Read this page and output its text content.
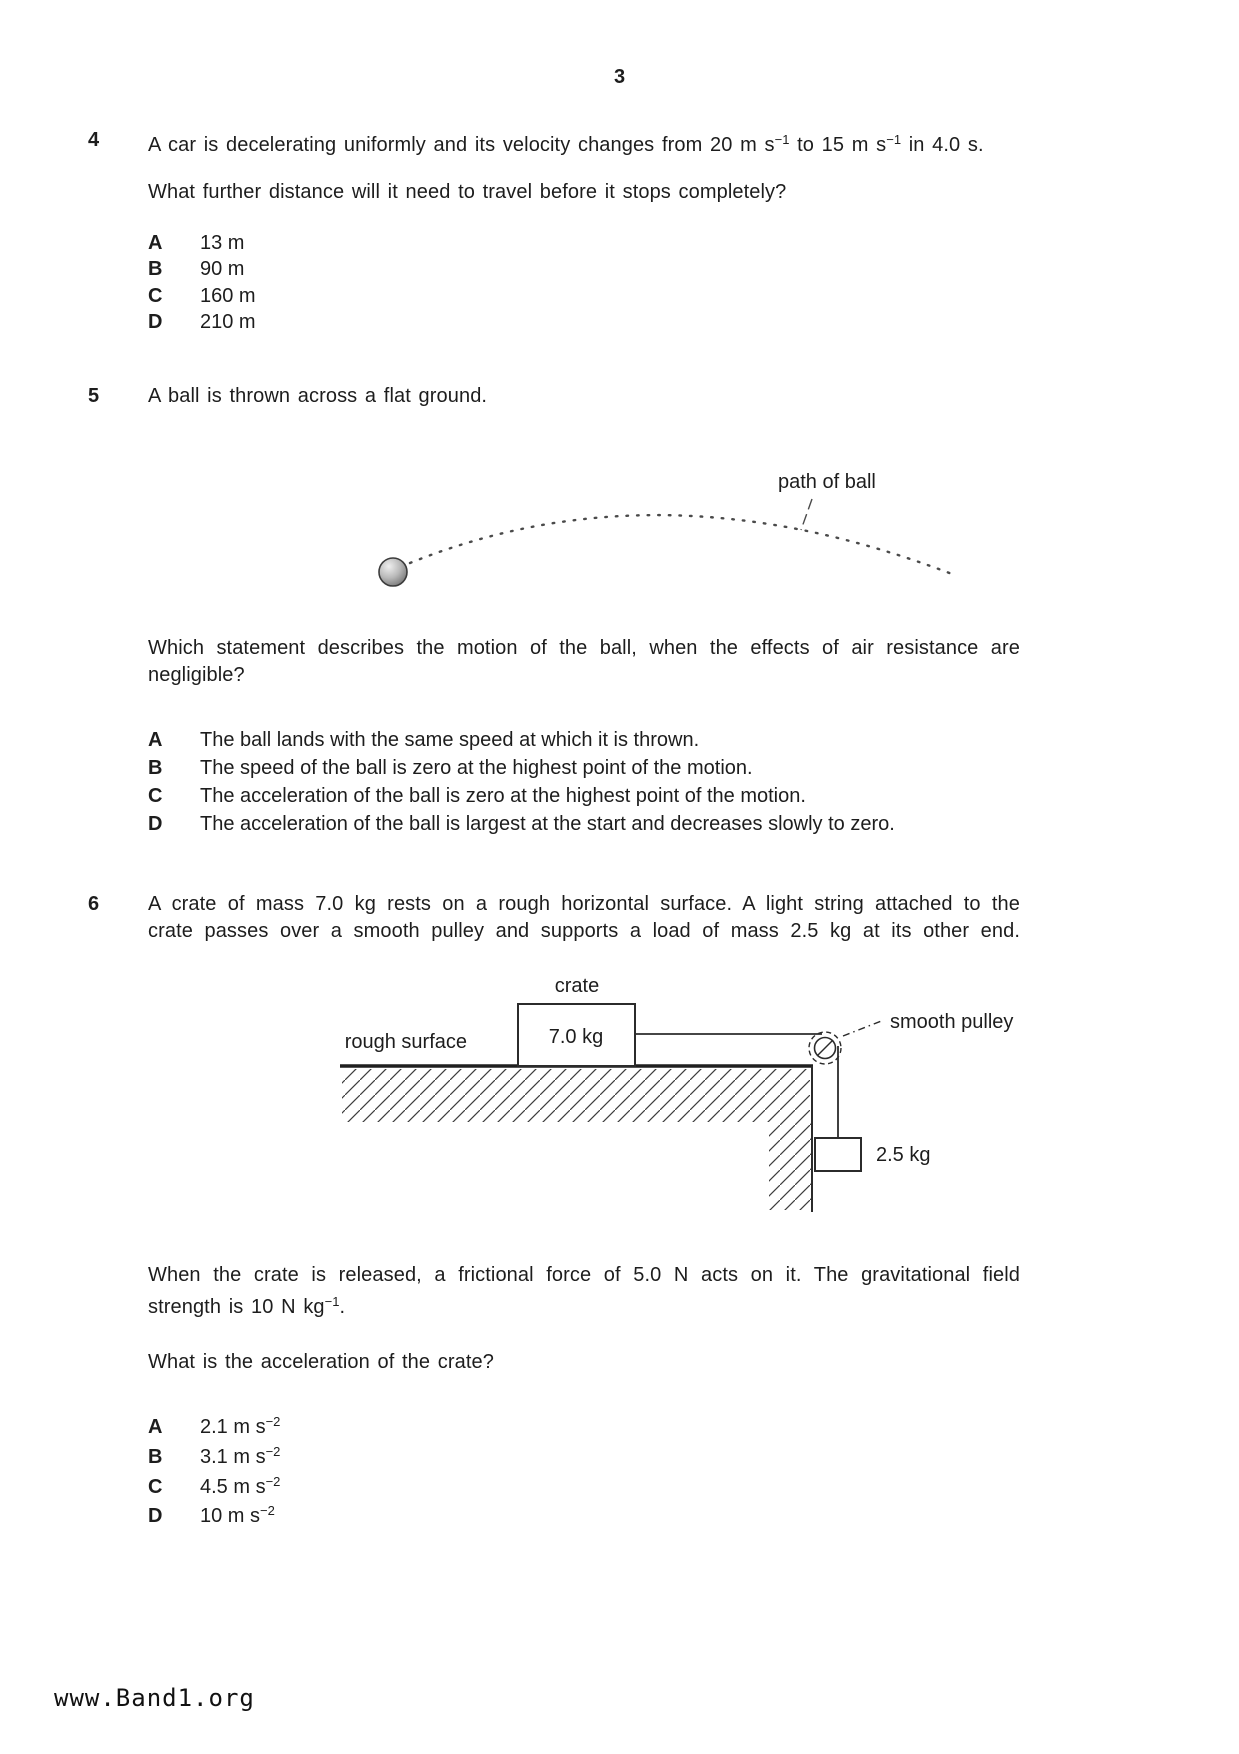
3
4 A car is decelerating uniformly and its velocity changes from 20 m $s^{-1}$ to 15 m $s^{-1}$ in 4.0 s.
What further distance will it need to travel before it stops completely?
A 13 m
B 90 m
C 160 m
D 210 m
5 A ball is thrown across a flat ground.
path of ball
Which statement describes the motion of the ball, when the effects of air resistance are
negligible?
A The ball lands with the same speed at which it is thrown.
B The speed of the ball is zero at the highest point of the motion.
C The acceleration of the ball is zero at the highest point of the motion.
D The acceleration of the ball is largest at the start and decreases slowly to zero.
6 A crate of mass 7.0 kg rests on a rough horizontal surface. A light string attached to the
crate passes over a smooth pulley and supports a load of mass 2.5 kg at its other end.
crate
7.0 kg
rough surface
smooth pulley
2.5 kg
When the crate is released, a frictional force of 5.0 N acts on it. The gravitational field
strength is 10 N $kg^{-1}$.
What is the acceleration of the crate?
A 2.1 m $s^{-2}$
B 3.1 m $s^{-2}$
C 4.5 m $s^{-2}$
D 10 m $s^{-2}$
www.Band1.org
